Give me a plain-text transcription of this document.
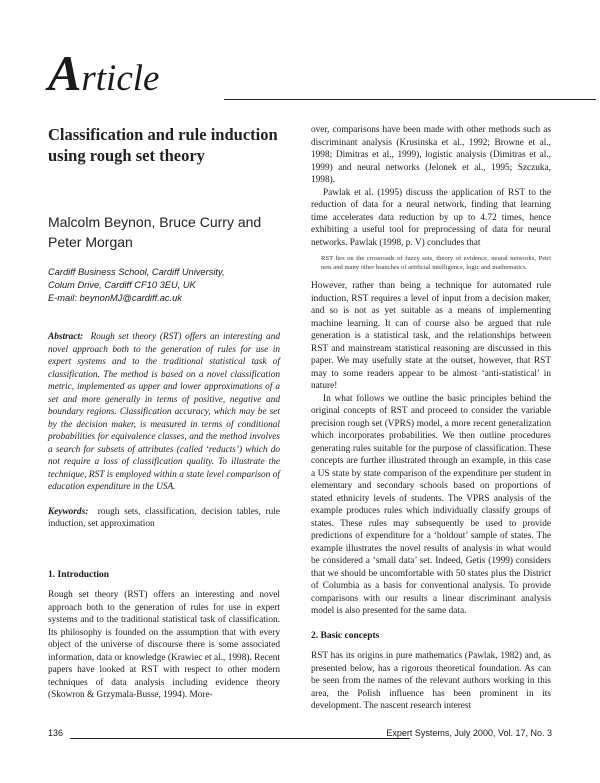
Article
Classification and rule induction using rough set theory

Malcolm Beynon, Bruce Curry and Peter Morgan

Cardiff Business School, Cardiff University,
Colum Drive, Cardiff CF10 3EU, UK
E-mail: beynonMJ@cardiff.ac.uk

Abstract: Rough set theory (RST) offers an interesting and novel approach both to the generation of rules for use in expert systems and to the traditional statistical task of classification. The method is based on a novel classification metric, implemented as upper and lower approximations of a set and more generally in terms of positive, negative and boundary regions. Classification accuracy, which may be set by the decision maker, is measured in terms of conditional probabilities for equivalence classes, and the method involves a search for subsets of attributes (called ‘reducts’) which do not require a loss of classification quality. To illustrate the technique, RST is employed within a state level comparison of education expenditure in the USA.

Keywords: rough sets, classification, decision tables, rule induction, set approximation

1. Introduction

Rough set theory (RST) offers an interesting and novel approach both to the generation of rules for use in expert systems and to the traditional statistical task of classification. Its philosophy is founded on the assumption that with every object of the universe of discourse there is some associated information, data or knowledge (Krawiec et al., 1998). Recent papers have looked at RST with respect to other modern techniques of data analysis including evidence theory (Skowron & Grzymala-Busse, 1994). More-

over, comparisons have been made with other methods such as discriminant analysis (Krusinska et al., 1992; Browne et al., 1998; Dimitras et al., 1999), logistic analysis (Dimitras et al., 1999) and neural networks (Jelonek et al., 1995; Szczuka, 1998).

Pawlak et al. (1995) discuss the application of RST to the reduction of data for a neural network, finding that learning time accelerates data reduction by up to 4.72 times, hence exhibiting a useful tool for preprocessing of data for neural networks. Pawlak (1998, p. V) concludes that

RST lies on the crossroads of fuzzy sets, theory of evidence, neural networks, Petri nets and many other branches of artificial intelligence, logic and mathematics.

However, rather than being a technique for automated rule induction, RST requires a level of input from a decision maker, and so is not as yet suitable as a means of implementing machine learning. It can of course also be argued that rule generation is a statistical task, and the relationships between RST and mainstream statistical reasoning are discussed in this paper. We may usefully state at the outset, however, that RST may to some readers appear to be almost ‘anti-statistical’ in nature!

In what follows we outline the basic principles behind the original concepts of RST and proceed to consider the variable precision rough set (VPRS) model, a more recent generalization which incorporates probabilities. We then outline procedures generating rules suitable for the purpose of classification. These concepts are further illustrated through an example, in this case a US state by state comparison of the expenditure per student in elementary and secondary schools based on proportions of stated ethnicity levels of students. The VPRS analysis of the example produces rules which individually classify groups of states. These rules may subsequently be used to provide predictions of expenditure for a ‘holdout’ sample of states. The example illustrates the novel results of analysis in what would be considered a ‘small data’ set. Indeed, Getis (1999) considers that we should be uncomfortable with 50 states plus the District of Columbia as a basis for conventional analysis. To provide comparisons with our results a linear discriminant analysis model is also presented for the same data.

2. Basic concepts

RST has its origins in pure mathematics (Pawlak, 1982) and, as presented below, has a rigorous theoretical foundation. As can be seen from the names of the relevant authors working in this area, the Polish influence has been prominent in its development. The nascent research interest

136	Expert Systems, July 2000, Vol. 17, No. 3
